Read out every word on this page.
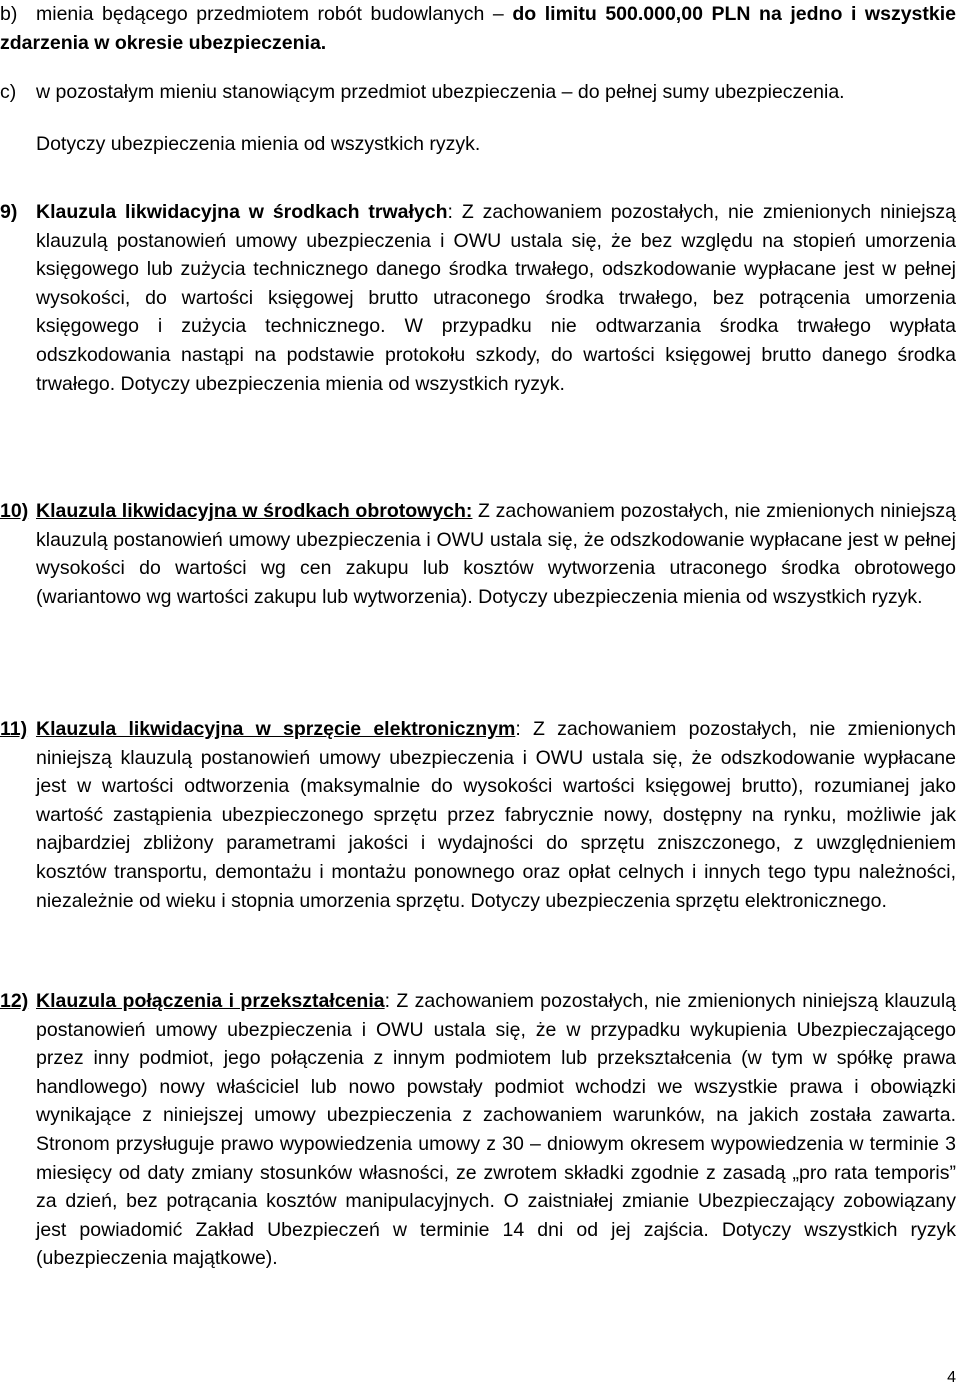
b) mienia będącego przedmiotem robót budowlanych – do limitu 500.000,00 PLN na jedno i wszystkie zdarzenia w okresie ubezpieczenia.
c) w pozostałym mieniu stanowiącym przedmiot ubezpieczenia – do pełnej sumy ubezpieczenia.
Dotyczy ubezpieczenia mienia od wszystkich ryzyk.
9) Klauzula likwidacyjna w środkach trwałych: Z zachowaniem pozostałych, nie zmienionych niniejszą klauzulą postanowień umowy ubezpieczenia i OWU ustala się, że bez względu na stopień umorzenia księgowego lub zużycia technicznego danego środka trwałego, odszkodowanie wypłacane jest w pełnej wysokości, do wartości księgowej brutto utraconego środka trwałego, bez potrącenia umorzenia księgowego i zużycia technicznego. W przypadku nie odtwarzania środka trwałego wypłata odszkodowania nastąpi na podstawie protokołu szkody, do wartości księgowej brutto danego środka trwałego. Dotyczy ubezpieczenia mienia od wszystkich ryzyk.
10) Klauzula likwidacyjna w środkach obrotowych: Z zachowaniem pozostałych, nie zmienionych niniejszą klauzulą postanowień umowy ubezpieczenia i OWU ustala się, że odszkodowanie wypłacane jest w pełnej wysokości do wartości wg cen zakupu lub kosztów wytworzenia utraconego środka obrotowego (wariantowo wg wartości zakupu lub wytworzenia). Dotyczy ubezpieczenia mienia od wszystkich ryzyk.
11) Klauzula likwidacyjna w sprzęcie elektronicznym: Z zachowaniem pozostałych, nie zmienionych niniejszą klauzulą postanowień umowy ubezpieczenia i OWU ustala się, że odszkodowanie wypłacane jest w wartości odtworzenia (maksymalnie do wysokości wartości księgowej brutto), rozumianej jako wartość zastąpienia ubezpieczonego sprzętu przez fabrycznie nowy, dostępny na rynku, możliwie jak najbardziej zbliżony parametrami jakości i wydajności do sprzętu zniszczonego, z uwzględnieniem kosztów transportu, demontażu i montażu ponownego oraz opłat celnych i innych tego typu należności, niezależnie od wieku i stopnia umorzenia sprzętu. Dotyczy ubezpieczenia sprzętu elektronicznego.
12) Klauzula połączenia i przekształcenia: Z zachowaniem pozostałych, nie zmienionych niniejszą klauzulą postanowień umowy ubezpieczenia i OWU ustala się, że w przypadku wykupienia Ubezpieczającego przez inny podmiot, jego połączenia z innym podmiotem lub przekształcenia (w tym w spółkę prawa handlowego) nowy właściciel lub nowo powstały podmiot wchodzi we wszystkie prawa i obowiązki wynikające z niniejszej umowy ubezpieczenia z zachowaniem warunków, na jakich została zawarta. Stronom przysługuje prawo wypowiedzenia umowy z 30 – dniowym okresem wypowiedzenia w terminie 3 miesięcy od daty zmiany stosunków własności, ze zwrotem składki zgodnie z zasadą „pro rata temporis” za dzień, bez potrącania kosztów manipulacyjnych. O zaistniałej zmianie Ubezpieczający zobowiązany jest powiadomić Zakład Ubezpieczeń w terminie 14 dni od jej zajścia. Dotyczy wszystkich ryzyk (ubezpieczenia majątkowe).
4
